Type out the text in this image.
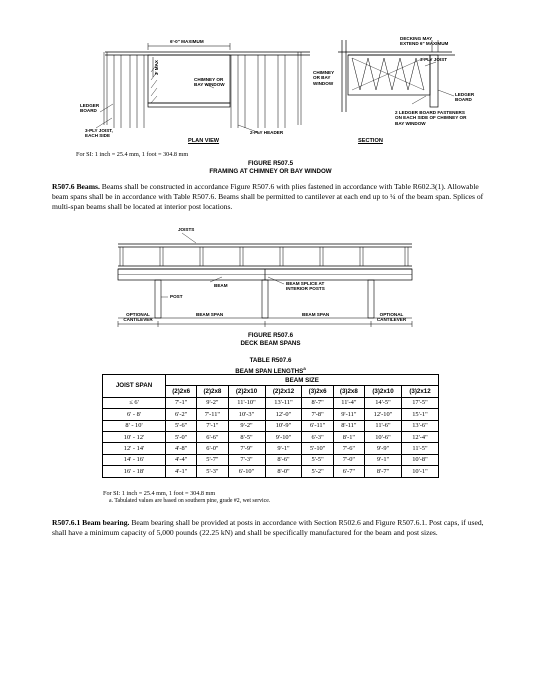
6'-0" MAXIMUM
3' MAX
CHIMNEY OR
BAY WINDOW
LEDGER
BOARD
3-PLY JOIST,
EACH SIDE
2-PLY HEADER
PLAN VIEW
DECKING MAY
EXTEND 6" MAXIMUM
3-PLY JOIST
CHIMNEY
OR BAY
WINDOW
LEDGER
BOARD
2 LEDGER BOARD FASTENERS
ON EACH SIDE OF CHIMNEY OR
BAY WINDOW
SECTION
For SI: 1 inch = 25.4 mm, 1 foot = 304.8 mm
FIGURE R507.5
FRAMING AT CHIMNEY OR BAY WINDOW
R507.6 Beams. Beams shall be constructed in accordance Figure R507.6 with plies fastened in accordance with Table R602.3(1). Allowable beam spans shall be in accordance with Table R507.6. Beams shall be permitted to cantilever at each end up to ¼ of the beam span. Splices of multi-span beams shall be located at interior post locations.
JOISTS
BEAM
POST
BEAM SPLICE AT
INTERIOR POSTS
OPTIONAL
CANTILEVER
BEAM SPAN	BEAM SPAN	OPTIONAL
CANTILEVER
FIGURE R507.6
DECK BEAM SPANS
TABLE R507.6
BEAM SPAN LENGTHS$^a$
JOIST SPAN	BEAM SIZE							
	(2)2x6	(2)2x8	(2)2x10	(2)2x12	(3)2x6	(3)2x8	(3)2x10	(3)2x12
≤ 6'	7'-1"	9'-2"	11'-10"	13'-11"	8'-7"	11'-4"	14'-5"	17'-5"
6' - 8'	6'-2"	7'-11"	10'-3"	12'-0"	7'-8"	9'-11"	12'-10"	15'-1"
8' - 10'	5'-6"	7'-1"	9'-2"	10'-9"	6'-11"	8'-11"	11'-6"	13'-6"
10' - 12'	5'-0"	6'-6"	8'-5"	9'-10"	6'-3"	8'-1"	10'-6"	12'-4"
12' - 14'	4'-8"	6'-0"	7'-9"	9'-1"	5'-10"	7'-6"	9'-9"	11'-5"
14' - 16'	4'-4"	5'-7"	7'-3"	8'-6"	5'-5"	7'-0"	9'-1"	10'-8"
16' - 18'	4'-1"	5'-3"	6'-10"	8'-0"	5'-2"	6'-7"	8'-7"	10'-1"
For SI: 1 inch = 25.4 mm, 1 foot = 304.8 mm
a. Tabulated values are based on southern pine, grade #2, wet service.
R507.6.1 Beam bearing. Beam bearing shall be provided at posts in accordance with Section R502.6 and Figure R507.6.1. Post caps, if used, shall have a minimum capacity of 5,000 pounds (22.25 kN) and shall be specifically manufactured for the beam and post sizes.
